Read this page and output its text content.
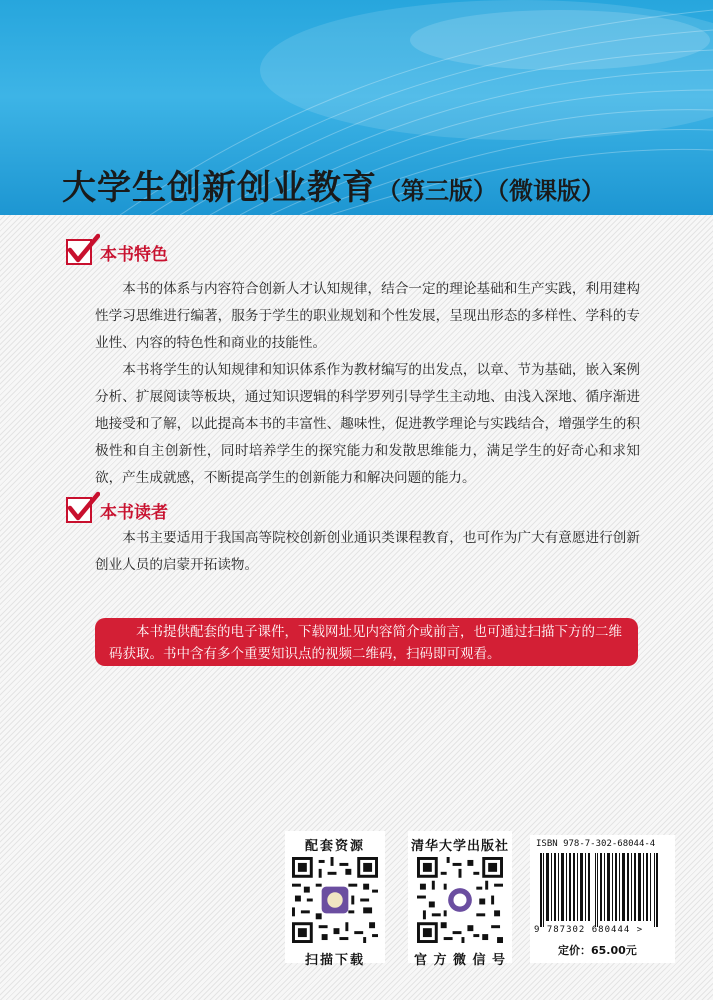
大学生创新创业教育（第三版）（微课版）
本书特色
本书的体系与内容符合创新人才认知规律，结合一定的理论基础和生产实践，利用建构性学习思维进行编著，服务于学生的职业规划和个性发展，呈现出形态的多样性、学科的专业性、内容的特色性和商业的技能性。
本书将学生的认知规律和知识体系作为教材编写的出发点，以章、节为基础，嵌入案例分析、扩展阅读等板块，通过知识逻辑的科学罗列引导学生主动地、由浅入深地、循序渐进地接受和了解，以此提高本书的丰富性、趣味性，促进教学理论与实践结合，增强学生的积极性和自主创新性，同时培养学生的探究能力和发散思维能力，满足学生的好奇心和求知欲，产生成就感，不断提高学生的创新能力和解决问题的能力。
本书读者
本书主要适用于我国高等院校创新创业通识类课程教育，也可作为广大有意愿进行创新创业人员的启蒙开拓读物。
本书提供配套的电子课件，下载网址见内容简介或前言，也可通过扫描下方的二维码获取。书中含有多个重要知识点的视频二维码，扫码即可观看。
配套资源
扫描下载
清华大学出版社
官 方 微 信 号
ISBN 978-7-302-68044-4
9 787302 680444 >
定价：65.00元
